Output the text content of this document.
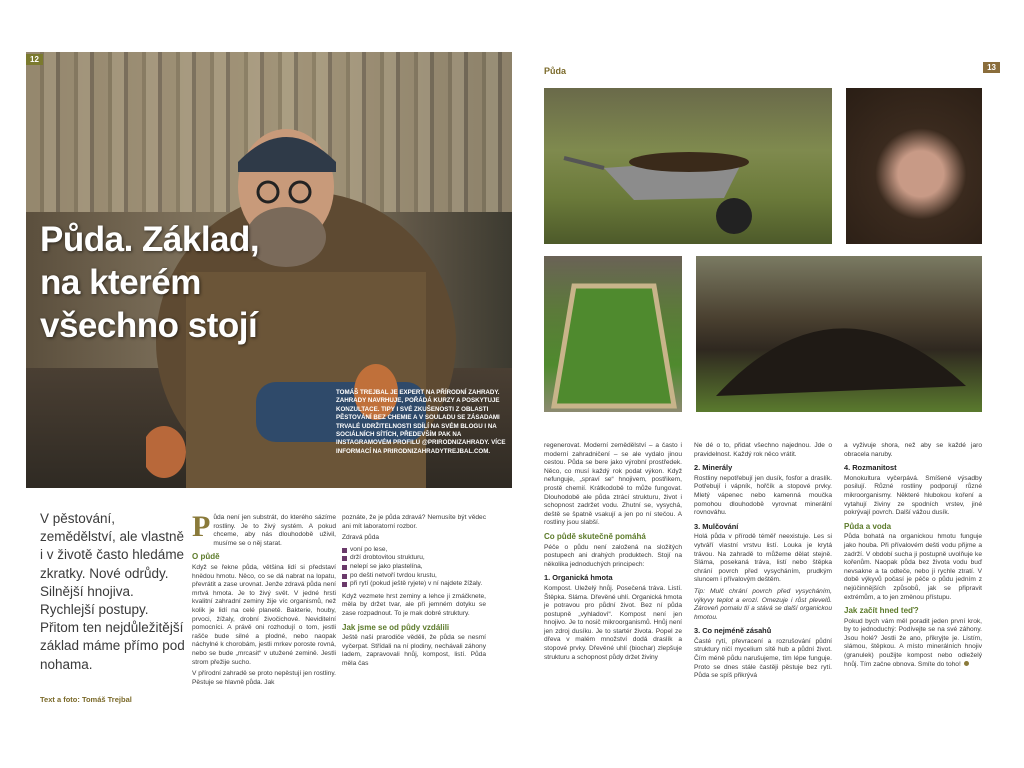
12
Půda. Základ,
na kterém
všechno stojí
TOMÁŠ TREJBAL JE EXPERT NA PŘÍRODNÍ ZAHRADY. ZAHRADY NAVRHUJE, POŘÁDÁ KURZY A POSKYTUJE KONZULTACE. TIPY I SVÉ ZKUŠENOSTI Z OBLASTI PĚSTOVÁNÍ BEZ CHEMIE A V SOULADU SE ZÁSADAMI TRVALÉ UDRŽITELNOSTI SDÍLÍ NA SVÉM BLOGU I NA SOCIÁLNÍCH SÍTÍCH, PŘEDEVŠÍM PAK NA INSTAGRAMOVÉM PROFILU @PRIRODNIZAHRADY. VÍCE INFORMACÍ NA PRIRODNIZAHRADYTREJBAL.COM.
V pěstování, zemědělství, ale vlastně i v životě často hledáme zkratky. Nové odrůdy. Silnější hnojiva. Rychlejší postupy. Přitom ten nejdůležitější základ máme přímo pod nohama.
Text a foto: Tomáš Trejbal

Půda není jen substrát, do kterého sázíme rostliny. Je to živý systém. A pokud chceme, aby nás dlouhodobě uživil, musíme se o něj starat.

O půdě

Když se řekne půda, většina lidí si představí hnědou hmotu. Něco, co se dá nabrat na lopatu, převrátit a zase urovnat. Jenže zdravá půda není mrtvá hmota. Je to živý svět. V jedné hrsti kvalitní zahradní zeminy žije víc organismů, než kolik je lidí na celé planetě. Bakterie, houby, prvoci, žížaly, drobní živočichové. Neviditelní pomocníci. A právě oni rozhodují o tom, jestli rašče bude silné a plodné, nebo naopak náchylné k chorobám, jestli mrkev poroste rovná, nebo se bude „mrcasit“ v utužené zemině. Jestli strom přežije sucho.

V přírodní zahradě se proto nepěstují jen rostliny. Pěstuje se hlavně půda. Jak

poznáte, že je půda zdravá? Nemusíte být vědec ani mít laboratorní rozbor.

Zdravá půda

voní po lese,
drží drobtovitou strukturu,
nelepí se jako plastelína,
po dešti netvoří tvrdou krustu,
při rytí (pokud ještě ryjete) v ní najdete žížaly.

Když vezmete hrst zeminy a lehce ji zmáčknete, měla by držet tvar, ale při jemném dotyku se zase rozpadnout. To je mak dobré struktury.

Jak jsme se od půdy vzdálili

Ještě naši prarodiče věděli, že půda se nesmí vyčerpat. Střídali na ní plodiny, nechávali záhony ladem, zapravovali hnůj, kompost, listí. Půda měla čas

Půda	13

regenerovat. Moderní zemědělství – a často i moderní zahradničení – se ale vydalo jinou cestou. Půda se bere jako výrobní prostředek. Něco, co musí každý rok podat výkon. Když nefunguje, „spraví se“ hnojivem, postřikem, prostě chemií. Krátkodobě to může fungovat. Dlouhodobě ale půda ztrácí strukturu, život i schopnost zadržet vodu. Zhutní se, vysychá, deště se špatně vsakují a jen po ní stečou. A rostliny jsou slabší.

Co půdě skutečně pomáhá

Péče o půdu není založená na složitých postupech ani drahých produktech. Stojí na několika jednoduchých principech:

1. Organická hmota

Kompost. Uleželý hnůj. Posečená tráva. Listí. Štěpka. Sláma. Dřevěné uhlí. Organická hmota je potravou pro půdní život. Bez ní půda postupně „vyhladoví“. Kompost není jen hnojivo. Je to nosič mikroorganismů. Hnůj není jen zdroj dusíku. Je to startér života. Popel ze dřeva v malém množství dodá draslík a stopové prvky. Dřevěné uhlí (biochar) zlepšuje strukturu a schopnost půdy držet živiny

Ne dé o to, přidat všechno najednou. Jde o pravidelnost. Každý rok něco vrátit.

2. Minerály

Rostliny nepotřebují jen dusík, fosfor a draslík. Potřebují i vápník, hořčík a stopové prvky. Mletý vápenec nebo kamenná moučka pomohou dlouhodobě vyrovnat minerální rovnováhu.

3. Mulčování

Holá půda v přírodě téměř neexistuje. Les si vytváří vlastní vrstvu listí. Louka je krytá trávou. Na zahradě to můžeme dělat stejně. Sláma, posekaná tráva, listí nebo štěpka chrání povrch před vysycháním, prudkým sluncem i přívalovým deštěm.

Tip: Mulč chrání povrch před vysycháním, výkyvy teplot a erozí. Omezuje i růst plevelů. Zároveň pomalu tlí a stává se další organickou hmotou.

3. Co nejméně zásahů

Časté rytí, převracení a rozrušování půdní struktury ničí mycelium sítě hub a půdní život. Čím méně půdu narušujeme, tím lépe funguje. Proto se dnes stále častěji pěstuje bez rytí. Půda se spíš přikrývá

a vyživuje shora, než aby se každé jaro obracela naruby.

4. Rozmanitost

Monokultura vyčerpává. Smíšené výsadby posilují. Různé rostliny podporují různé mikroorganismy. Některé hlubokou koření a vytahují živiny ze spodních vrstev, jiné pokrývají povrch. Další vážou dusík.

Půda a voda

Půda bohatá na organickou hmotu funguje jako houba. Při přívalovém dešti vodu přijme a zadrží. V období sucha ji postupně uvolňuje ke kořenům. Naopak půda bez života vodu buď nevsakne a ta odteče, nebo ji rychle ztratí. V době výkyvů počasí je péče o půdu jedním z nejúčinnějších způsobů, jak se připravit extrémům, a to jen změnou přístupu.

Jak začít hned teď?

Pokud bych vám měl poradit jeden první krok, by to jednoduchý: Podívejte se na své záhony. Jsou holé? Jestli že ano, přikryjte je. Listím, slámou, štěpkou. A místo minerálních hnojiv (granulek) použijte kompost nebo odleželý hnůj. Tím začne obnova. Smíte do toho!
